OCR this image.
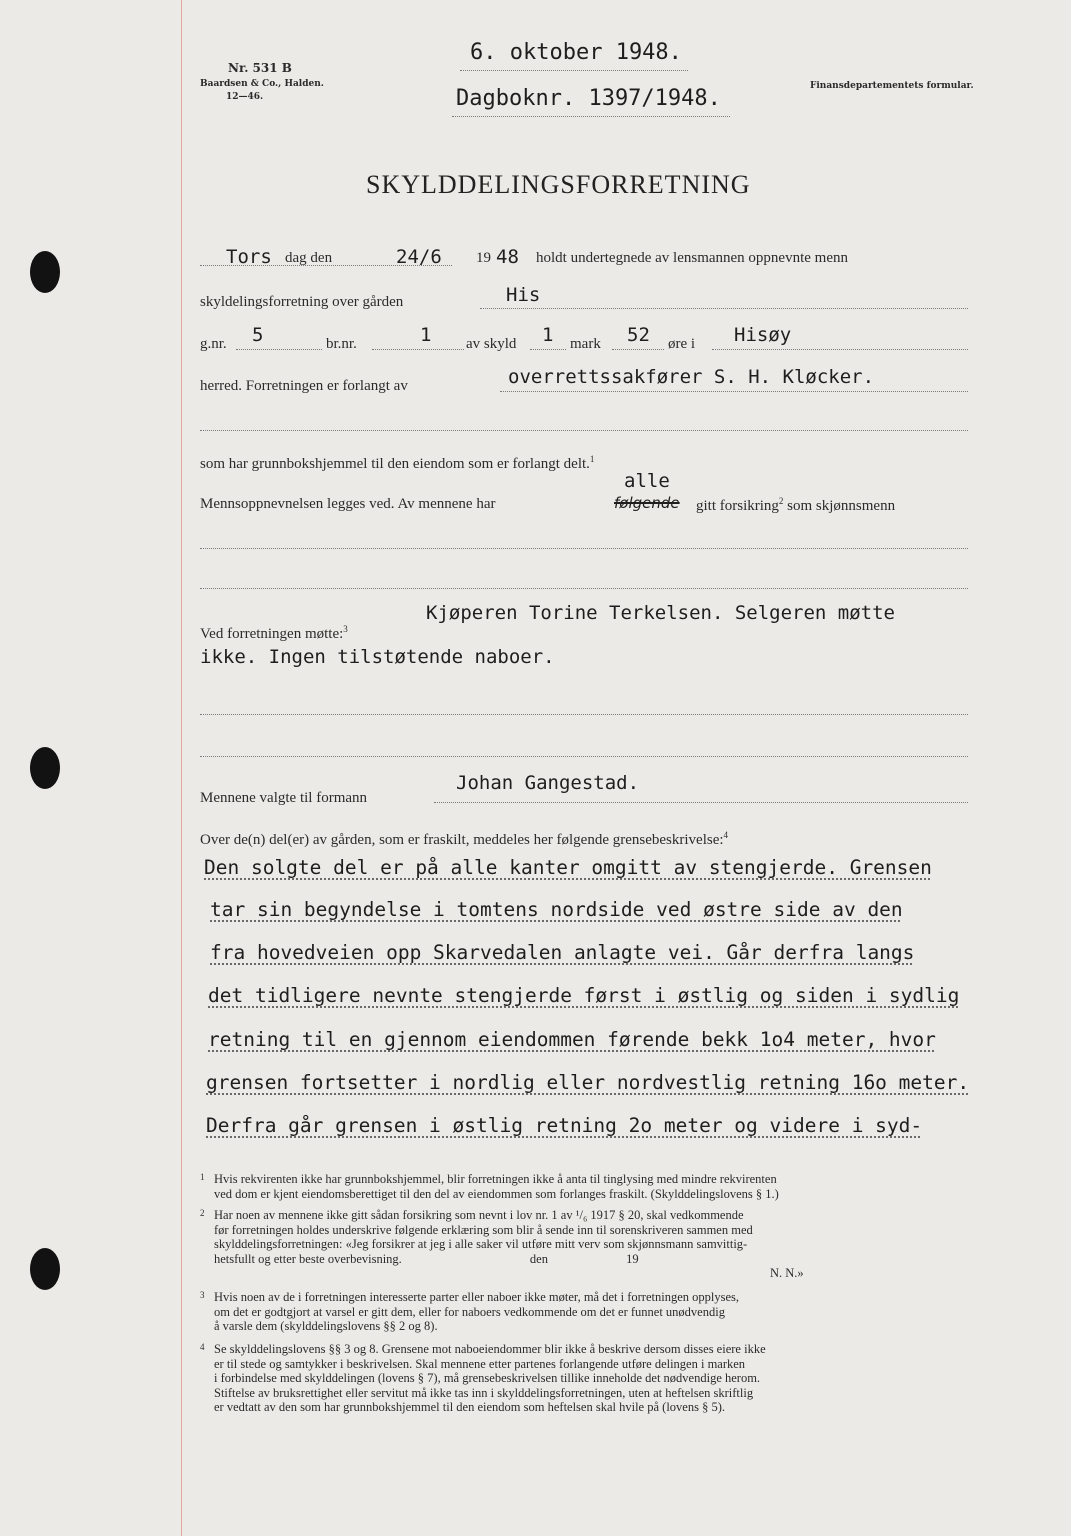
Nr. 531 B
Baardsen & Co., Halden.
12—46.
6. oktober 1948.
Dagboknr. 1397/1948.	Finansdepartementets formular.
SKYLDDELINGSFORRETNING
Tors dag den	24/6 19 48 holdt undertegnede av lensmannen oppnevnte menn
skyldelingsforretning over gården	His
g.nr. 5	br.nr.	1 av skyld 1 mark 52 øre i Hisøy
herred. Forretningen er forlangt av	overrettssakfører S. H. Kløcker.
som har grunnbokshjemmel til den eiendom som er forlangt delt.$^1$
alle
Mennsoppnevnelsen legges ved. Av mennene har	følgende gitt forsikring$^2$ som skjønnsmenn
Ved forretningen møtte:$^3$
Kjøperen Torine Terkelsen. Selgeren møtte
ikke. Ingen tilstøtende naboer.
Mennene valgte til formann
Johan Gangestad.
Over de(n) del(er) av gården, som er fraskilt, meddeles her følgende grensebeskrivelse:$^4$
Den solgte del er på alle kanter omgitt av stengjerde. Grensen
tar sin begyndelse i tomtens nordside ved østre side av den
fra hovedveien opp Skarvedalen anlagte vei. Går derfra langs
det tidligere nevnte stengjerde først i østlig og siden i sydlig
retning til en gjennom eiendommen førende bekk 1o4 meter, hvor
grensen fortsetter i nordlig eller nordvestlig retning 16o meter.
Derfra går grensen i østlig retning 2o meter og videre i syd-
1 Hvis rekvirenten ikke har grunnbokshjemmel, blir forretningen ikke å anta til tinglysing med mindre rekvirenten
ved dom er kjent eiendomsberettiget til den del av eiendommen som forlanges fraskilt. (Skylddelingslovens § 1.)
2 Har noen av mennene ikke gitt sådan forsikring som nevnt i lov nr. 1 av ¹/₆ 1917 § 20, skal vedkommende
før forretningen holdes underskrive følgende erklæring som blir å sende inn til sorenskriveren sammen med
skylddelingsforretningen: «Jeg forsikrer at jeg i alle saker vil utføre mitt verv som skjønnsmann samvittig-
hetsfullt og etter beste overbevisning.                                         den                         19
N. N.»
3 Hvis noen av de i forretningen interesserte parter eller naboer ikke møter, må det i forretningen opplyses,
om det er godtgjort at varsel er gitt dem, eller for naboers vedkommende om det er funnet unødvendig
å varsle dem (skylddelingslovens §§ 2 og 8).
4 Se skylddelingslovens §§ 3 og 8. Grensene mot naboeiendommer blir ikke å beskrive dersom disses eiere ikke
er til stede og samtykker i beskrivelsen. Skal mennene etter partenes forlangende utføre delingen i marken
i forbindelse med skylddelingen (lovens § 7), må grensebeskrivelsen tillike inneholde det nødvendige herom.
Stiftelse av bruksrettighet eller servitut må ikke tas inn i skylddelingsforretningen, uten at heftelsen skriftlig
er vedtatt av den som har grunnbokshjemmel til den eiendom som heftelsen skal hvile på (lovens § 5).
